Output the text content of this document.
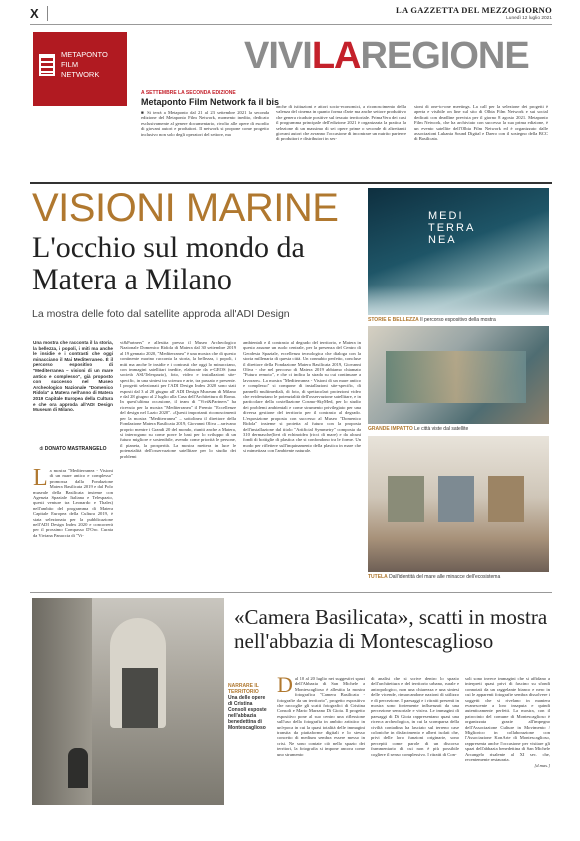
X	LA GAZZETTA DEL MEZZOGIORNO
Lunedì 12 luglio 2021
METAPONTO
FILM
NETWORK	VIVILAREGIONE
A SETTEMBRE LA SECONDA EDIZIONE
Metaponto Film Network fa il bis

■ Si terrà a Metaponto dal 21 al 23 settembre 2021 la seconda edizione del Metaponto Film Network, momento inedito, dedicato esclusivamente al genere documentario, rivolto alle opere di esordio di giovani autori e produttori. Il network si propone come progetto inclusivo non solo degli operatori del settore, ma

anche di istituzioni e attori socio-economici, a riconoscimento della valenza del cinema in quanto forma d'arte ma anche settore produttivo che genera ricadute positive sul tessuto territoriale. PrimaVera dei casi il programma principale dell'edizione 2021 è organizzata la pratica la selezione di un massimo di sei opere prime o seconde di altrettanti giovani autori che avranno l'occasione di incontrare un nutrito parterre di produttori e distributori in ses-

sioni di one-to-one meetings. La call per la selezione dei progetti è aperta e visibile on line sul sito di Olbia Film Network e sui social dedicati con deadline prevista per il giorno 8 agosto 2021. Metaponto Film Network, che ha archiviato con successo la sua prima edizione, è un evento satellite dell'Olbia Film Network ed è organizzato dalle associazioni Lukania Sound Digital e Daero con il sostegno della BCC di Basilicata.

VISIONI MARINE
L'occhio sul mondo da Matera a Milano
La mostra delle foto dal satellite approda all'ADI Design
Una mostra che racconta il la storia, la bellezza, i popoli, i miti ma anche le insidie e i contrasti che oggi minacciano il Mai Mediterraneo. È il percorso espositivo di "Mediterranea – visioni di un mare antico e complesso", già proposto con successo nel Museo Archeologico Nazionale "Domenico Ridola" a Matera nell'anno di Matera 2019 Capitale Europea della Cultura e che ora approda all'ADI Design Museum di Milano.
di DONATO MASTRANGELO
L a mostra "Mediterranea - Visioni di un mare antico e complesso" promossa dalla Fondazione Matera Basilicata 2019 e dal Polo museale della Basilicata insieme con Agenzia Spaziale Italiana e Telespazio, questi venture tra Leonardo e Thales) nell'ambito del programma di Matera Capitale Europea della Cultura 2019, è stata selezionata per la pubblicazione nell'ADI Design Index 2020 e concorrerà per il prossimo Compasso D'Oro. Curata da Viviana Panaccia di "Vi-

vi&Partners" e allestita presso il Museo Archeologico Nazionale Domenico Ridola di Matera dal 30 settembre 2019 al 19 gennaio 2020, "Mediterranea" è una mostra che di questo continente marino racconta la storia, la bellezza, i popoli, i miti ma anche le insidie e i contrasti che oggi lo minacciano, con immagini satellitari inedite, elaborate da e-GEOS (una società ASI/Telespazio), foto, video e installazioni site-specific, in una sintesi tra scienza e arte, tra passato e presente. I progetti selezionati per l'ADI Design Index 2020 sono stati esposti dal 3 al 20 giugno all' ADI Design Museum di Milano e dal 28 giugno al 2 luglio alla Casa dell'Architettura di Roma. In quest'ultima occasione, il team di "Vivi&Partners" ha ricevuto per la mostra "Mediterranea" il Premio "Eccellenze del design nel Lazio 2020". «Questi importanti riconoscimenti per la mostra "Mediterranea" – sottolinea il direttore della Fondazione Matera Basilicata 2019, Giovanni Oliva – arrivano proprio mentre i Grandi 20 del mondo, riuniti anche a Matera, si interrogano su come porre le basi per lo sviluppo di un futuro migliore e sostenibile, avendo come priorità le persone, il pianeta, la prosperità. La mostra mettera in luce le potenzialità dell'osservazione satellitare per lo studio dei problemi

ambientali e il contrasto al degrado del territorio, e Matera in questo assume un ruolo centrale, per la presenza del Centro di Geodesia Spaziale, eccellenza tecnologica che dialoga con la storia millenaria di questa città. Un connubio perfetto, concluse il direttore della Fondazione Matera Basilicata 2019, Giovanni Oliva - che nel percorso di Matera 2019 abbiamo chiamato "Futuro remoto", e che ci indica la strada su cui continuare a lavorare». La mostra "Mediterranea - Visioni di un mare antico e complesso" si compone di installazioni site-specific, di pannelli multimediali, di foto, di spettacolari proiezioni video che evidenziano le potenzialità dell'osservazione satellitare, e in particolare della costellazione Cosmo-SkyMed, per lo studio dei problemi ambientali e come strumento privilegiato per una diversa gestione del territorio per il contrasto al degrado. L'esposizione proposta con successo al Museo "Domenico Ridola" insieme si proietta al futuro con la proposta dell'installazione dal titolo "Artificial Symmetry" composta da 310 dermasche(lieri di echinoidea (ricci di mare) e da alcuni fondi di bottiglie di plastica che si confondono tra le forme. Un modo per riflettere sull'inquinamento della plastica in mare che si mimetizza con l'ambiente naturale.

MEDI
TERRA
NEA
STORIE E BELLEZZA Il percorso espositivo della mostra
GRANDE IMPATTO Le città viste dal satellite
TUTELA Dall'identità del mare alle minacce dell'ecosistema
NARRARE IL TERRITORIO
Una delle opere di Cristina Consoli esposte nell'abbazia benedettina di Montescaglioso
«Camera Basilicata», scatti in mostra nell'abbazia di Montescaglioso
D al 10 al 20 luglio nei suggestivi spazi dell'Abbazia di San Michele a Montescaglioso è allestita la mostra fotografica "Camera Basilicata - fotografie da un territorio", progetto espositivo che raccoglie gli scatti fotografici di Cristina Consoli e Mario Marzano Di Gioia. Il progetto espositivo pone al suo centro una riflessione sull'uso della fotografia in ambito artistico in un'epoca in cui la quasi totalità delle immagini transita da piattaforme digitali e lo stesso concetto di medium sembra essere messo in crisi. Ne sono contate ciò nello spazio dei territori, la fotografia si impone ancora come uno strumento

di analisi che si scrive dentro lo spazio dell'architettura e del territorio urbano, rurale e antropologico, non una chiarezza e una sintesi delle vicende, rimarcandone nazioni di utilizzo e di percezione. I paesaggi e i ritratti presenti in mostra sono fortemente influenzati da una percezione sensoriale e visiva. Le immagini di paesaggi di Di Gioia rappresentano quasi una ricerca archeologica, in cui la scomparsa della civiltà contadina ha lasciato sul terreno case coloniche in disfacimento e alberi isolati che, privi delle loro funzioni originarie, sono percepiti come parole di un discorso frammentario di cui non è più possibile cogliere il senso complessivo. I ritratti di Con-

soli sono invece immagini che si affidano a interpreti quasi privi di fascino su sfondi connotati da un raggelante bianco e nero in cui le apparenti fotografie sembra dissolvere i soggetti che si rivelano in maniera evanescente a loro insaputa e quindi autenticamente perfetti. La mostra, con il patrocinio del comune di Montescaglioso è organizzata grazie all'impegno dell'Associazione Culture in Movimento / Migliorico in collaborazione con l'Associazione KonArte di Montescaglioso, rappresenta anche l'occasione per visitare gli spazi dell'abbazia benedettina di San Michele Arcangelo risalente al XI sec. che, recentemente restaurata.

[d.mas.]
